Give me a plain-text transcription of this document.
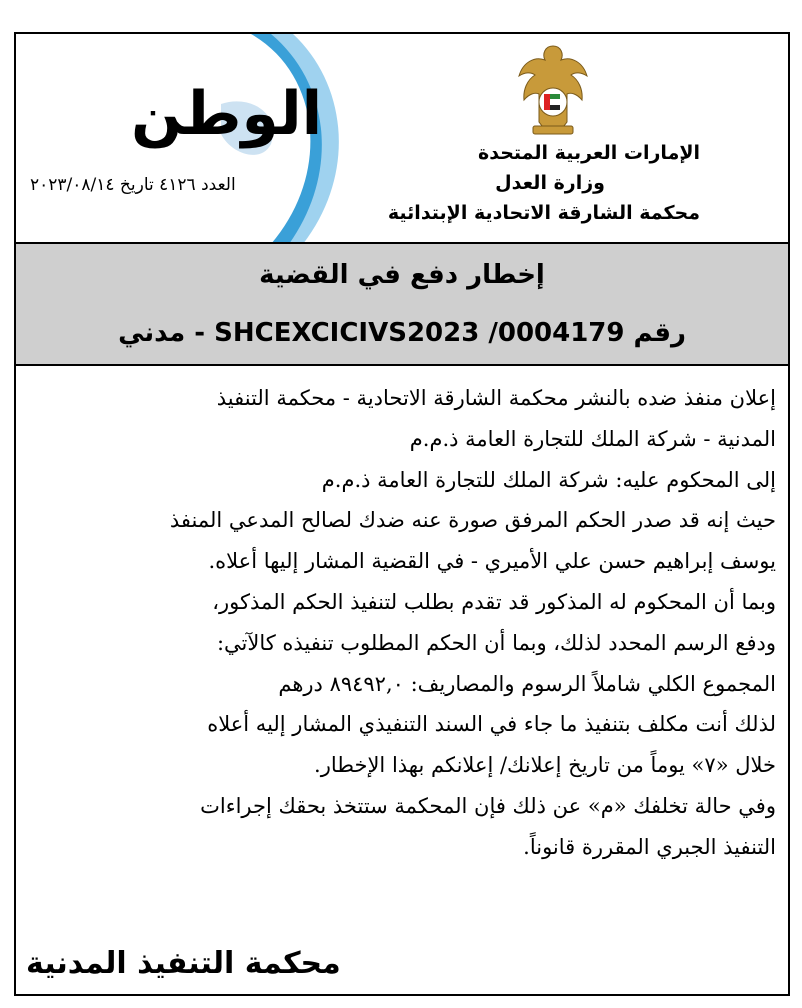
الإمارات العربية المتحدة
وزارة العدل
محكمة الشارقة الاتحادية الإبتدائية
الوطن
العدد ٤١٢٦ تاريخ ٢٠٢٣/٠٨/١٤
إخطار دفع في القضية
رقم SHCEXCICIVS2023 /0004179 - مدني

إعلان منفذ ضده بالنشر محكمة الشارقة الاتحادية - محكمة التنفيذ

المدنية - شركة الملك للتجارة العامة ذ.م.م

إلى المحكوم عليه: شركة الملك للتجارة العامة ذ.م.م

حيث إنه قد صدر الحكم المرفق صورة عنه ضدك لصالح المدعي المنفذ

يوسف إبراهيم حسن علي الأميري - في القضية المشار إليها أعلاه.

وبما أن المحكوم له المذكور قد تقدم بطلب لتنفيذ الحكم المذكور،

ودفع الرسم المحدد لذلك، وبما أن الحكم المطلوب تنفيذه كالآتي:

المجموع الكلي شاملاً الرسوم والمصاريف: ٨٩٤٩٢,٠ درهم

لذلك أنت مكلف بتنفيذ ما جاء في السند التنفيذي المشار إليه أعلاه

خلال «٧» يوماً من تاريخ إعلانك/ إعلانكم بهذا الإخطار.

وفي حالة تخلفك «م» عن ذلك فإن المحكمة ستتخذ بحقك إجراءات

التنفيذ الجبري المقررة قانوناً.

محكمة التنفيذ المدنية
